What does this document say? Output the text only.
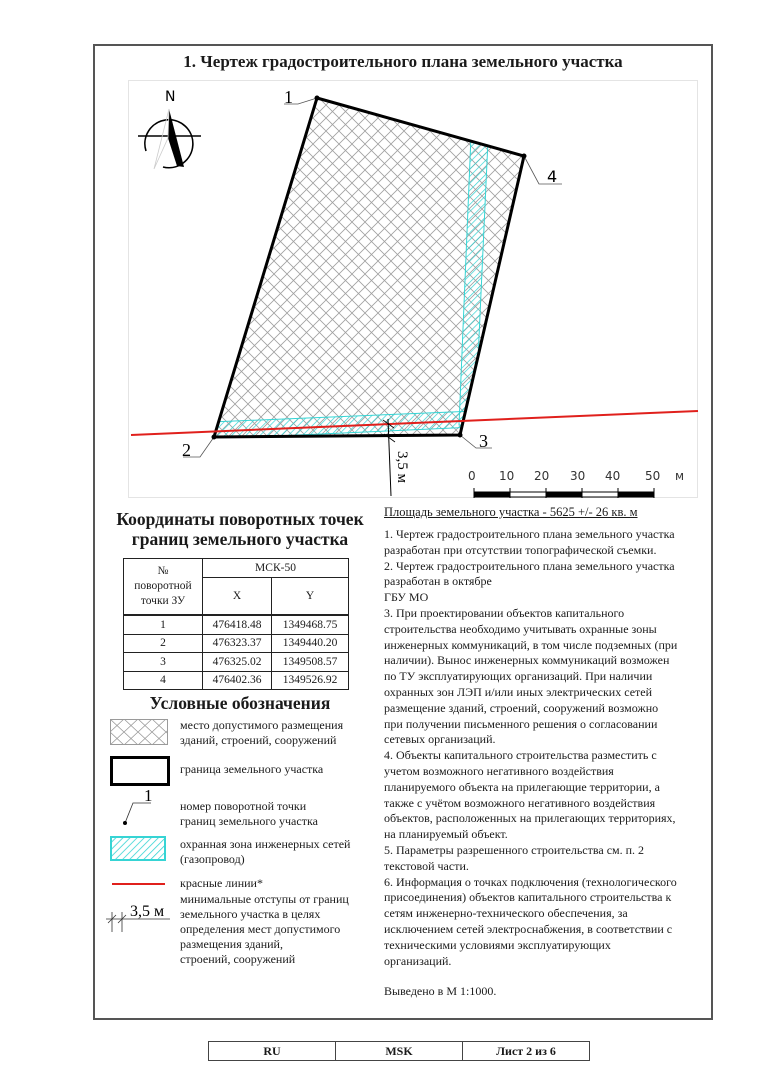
1. Чертеж градостроительного плана земельного участка
3,5 м
1
2	3
4
N
0 10 20 30 40 50 м
Площадь земельного участка - 5625 +/- 26 кв. м
Координаты поворотных точек
границ земельного участка
№
поворотной
точки ЗУ	МСК-50	
	X	Y
1	476418.48	1349468.75
2	476323.37	1349440.20
3	476325.02	1349508.57
4	476402.36	1349526.92
Условные обозначения
место допустимого размещения
зданий, строений, сооружений
граница земельного участка
1
номер поворотной точки
границ земельного участка
охранная зона инженерных сетей
(газопровод)
красные линии*
3,5 м
минимальные отступы от границ
земельного участка в целях
определения мест допустимого
размещения зданий,
строений, сооружений

1. Чертеж градостроительного плана земельного участка

разработан при отсутствии топографической съемки.

2. Чертеж градостроительного плана земельного участка

разработан в октябре

ГБУ МО

3. При проектировании объектов капитального

строительства необходимо учитывать охранные зоны

инженерных коммуникаций, в том числе подземных (при

наличии). Вынос инженерных коммуникаций возможен

по ТУ эксплуатирующих организаций. При наличии

охранных зон ЛЭП и/или иных электрических сетей

размещение зданий, строений, сооружений возможно

при получении письменного решения о согласовании

сетевых организаций.

4. Объекты капитального строительства разместить с

учетом возможного негативного воздействия

планируемого объекта на прилегающие территории, а

также с учётом возможного негативного воздействия

объектов, расположенных на прилегающих территориях,

на планируемый объект.

5. Параметры разрешенного строительства см. п. 2

текстовой части.

6. Информация о точках подключения (технологического

присоединения) объектов капитального строительства к

сетям инженерно-технического обеспечения, за

исключением сетей электроснабжения, в соответствии с

техническими условиями эксплуатирующих

организаций.

Выведено в М 1:1000.

RU	MSK	Лист 2 из 6
